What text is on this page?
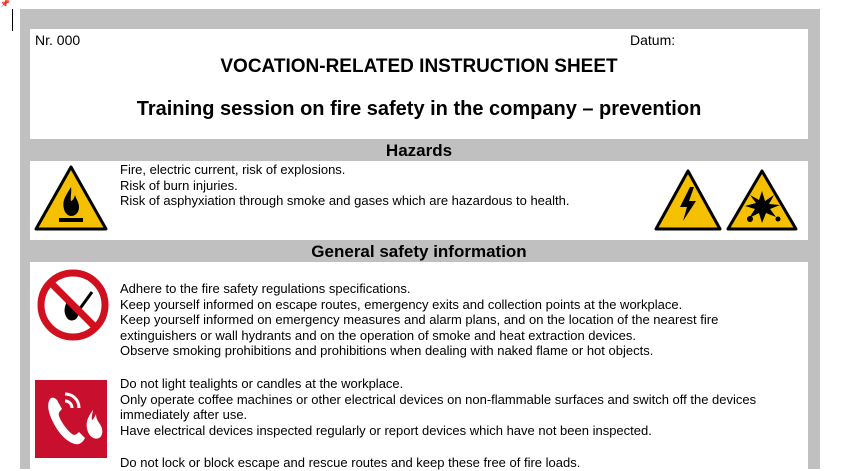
📌
Nr. 000	Datum:
VOCATION-RELATED INSTRUCTION SHEET
Training session on fire safety in the company – prevention
Hazards
Fire, electric current, risk of explosions.
Risk of burn injuries.
Risk of asphyxiation through smoke and gases which are hazardous to health.
General safety information
Adhere to the fire safety regulations specifications.
Keep yourself informed on escape routes, emergency exits and collection points at the workplace.
Keep yourself informed on emergency measures and alarm plans, and on the location of the nearest fire
extinguishers or wall hydrants and on the operation of smoke and heat extraction devices.
Observe smoking prohibitions and prohibitions when dealing with naked flame or hot objects.
Do not light tealights or candles at the workplace.
Only operate coffee machines or other electrical devices on non-flammable surfaces and switch off the devices
immediately after use.
Have electrical devices inspected regularly or report devices which have not been inspected.
Do not lock or block escape and rescue routes and keep these free of fire loads.
